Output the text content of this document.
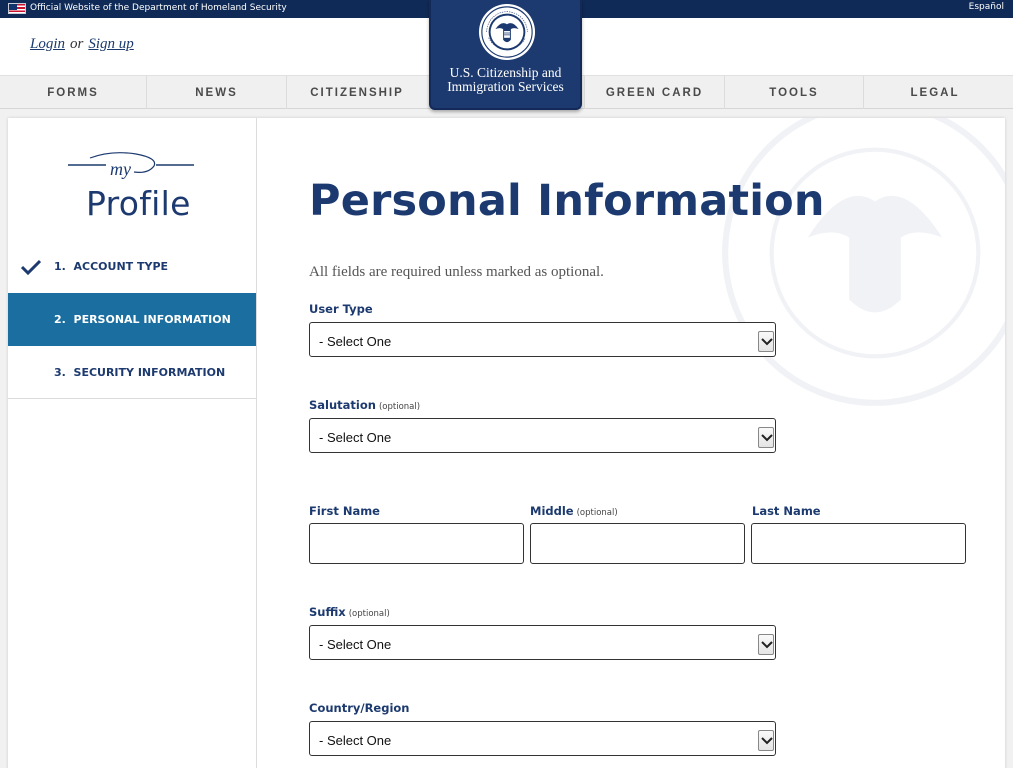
Official Website of the Department of Homeland Security	Español
Login or Sign up
FORMS	NEWS	CITIZENSHIP	GREEN CARD	TOOLS	LEGAL
U.S. Citizenship and
Immigration Services
my
Profile
1. ACCOUNT TYPE
2. PERSONAL INFORMATION
3. SECURITY INFORMATION
Personal Information
All fields are required unless marked as optional.
User Type
- Select One
Salutation (optional)
- Select One
First Name	Middle (optional)	Last Name
Suffix (optional)
- Select One
Country/Region
- Select One
